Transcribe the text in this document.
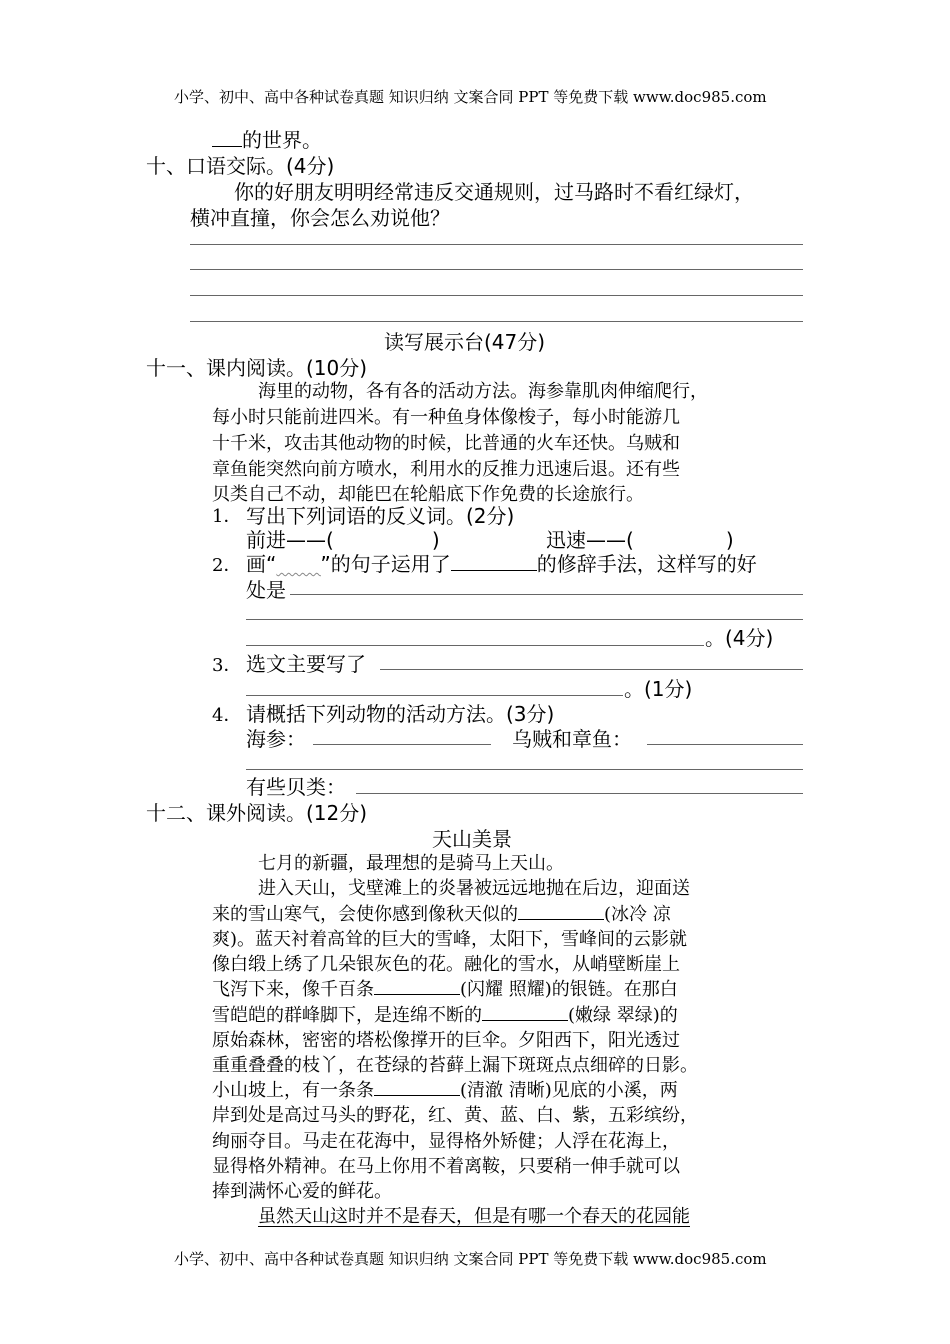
小学、初中、高中各种试卷真题 知识归纳 文案合同 PPT 等免费下载 www.doc985.com
的世界。
十、口语交际。(4分)
你的好朋友明明经常违反交通规则，过马路时不看红绿灯，
横冲直撞，你会怎么劝说他？
读写展示台(47分)
十一、课内阅读。(10分)
海里的动物，各有各的活动方法。海参靠肌肉伸缩爬行，
每小时只能前进四米。有一种鱼身体像梭子，每小时能游几
十千米，攻击其他动物的时候，比普通的火车还快。乌贼和
章鱼能突然向前方喷水，利用水的反推力迅速后退。还有些
贝类自己不动，却能巴在轮船底下作免费的长途旅行。
1． 写出下列词语的反义词。(2分)
前进——(	)	迅速——(	)
2． 画“ ”的句子运用了	的修辞手法，这样写的好
处是
。(4分)
3． 选文主要写了
。(1分)
4． 请概括下列动物的活动方法。(3分)
海参：	乌贼和章鱼：
有些贝类：
十二、课外阅读。(12分)
天山美景
七月的新疆，最理想的是骑马上天山。
进入天山，戈壁滩上的炎暑被远远地抛在后边，迎面送
来的雪山寒气，会使你感到像秋天似的	(冰冷 凉
爽)。蓝天衬着高耸的巨大的雪峰，太阳下，雪峰间的云影就
像白缎上绣了几朵银灰色的花。融化的雪水，从峭壁断崖上
飞泻下来，像千百条	(闪耀 照耀)的银链。在那白
雪皑皑的群峰脚下，是连绵不断的	(嫩绿 翠绿)的
原始森林，密密的塔松像撑开的巨伞。夕阳西下，阳光透过
重重叠叠的枝丫，在苍绿的苔藓上漏下斑斑点点细碎的日影。
小山坡上，有一条条	(清澈 清晰)见底的小溪，两
岸到处是高过马头的野花，红、黄、蓝、白、紫，五彩缤纷，
绚丽夺目。马走在花海中，显得格外矫健；人浮在花海上，
显得格外精神。在马上你用不着离鞍，只要稍一伸手就可以
捧到满怀心爱的鲜花。
虽然天山这时并不是春天，但是有哪一个春天的花园能
小学、初中、高中各种试卷真题 知识归纳 文案合同 PPT 等免费下载 www.doc985.com
